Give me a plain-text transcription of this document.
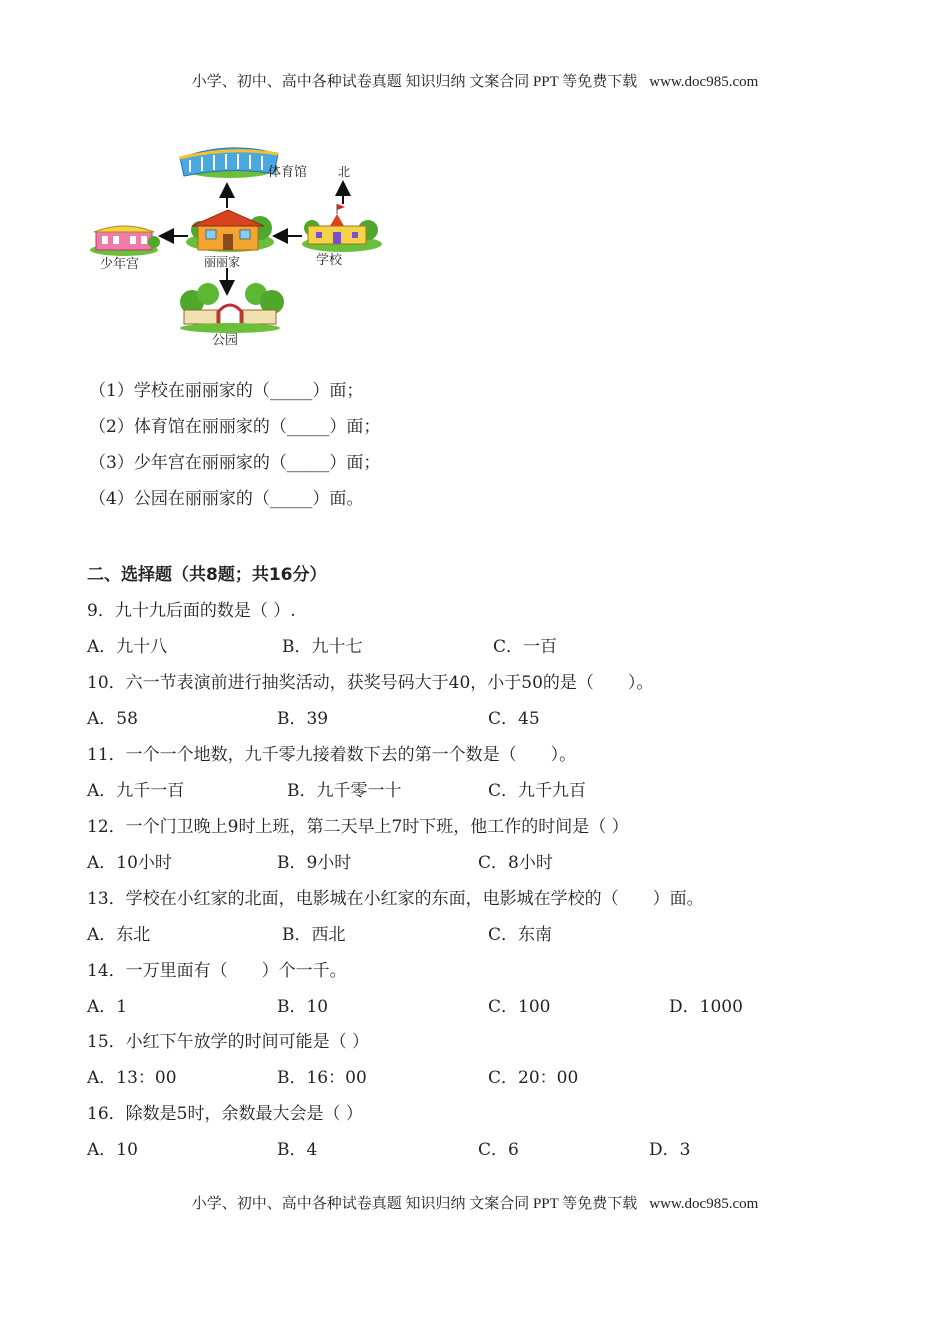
小学、初中、高中各种试卷真题 知识归纳 文案合同 PPT 等免费下载 www.doc985.com
体育馆	北
丽丽家
少年宫	学校
公园
（1）学校在丽丽家的（_____）面；
（2）体育馆在丽丽家的（_____）面；
（3）少年宫在丽丽家的（_____）面；
（4）公园在丽丽家的（_____）面。
二、选择题（共8题；共16分）
9．九十九后面的数是（ ）.
A．九十八	B．九十七	C．一百
10．六一节表演前进行抽奖活动，获奖号码大于40，小于50的是（　　）。
A．58	B．39	C．45
11．一个一个地数，九千零九接着数下去的第一个数是（　　）。
A．九千一百	B．九千零一十	C．九千九百
12．一个门卫晚上9时上班，第二天早上7时下班，他工作的时间是（ ）
A．10小时	B．9小时	C．8小时
13．学校在小红家的北面，电影城在小红家的东面，电影城在学校的（　　）面。
A．东北	B．西北	C．东南
14．一万里面有（　　）个一千。
A．1	B．10	C．100	D．1000
15．小红下午放学的时间可能是（ ）
A．13：00	B．16：00	C．20：00
16．除数是5时，余数最大会是（ ）
A．10	B．4	C．6	D．3
小学、初中、高中各种试卷真题 知识归纳 文案合同 PPT 等免费下载 www.doc985.com
